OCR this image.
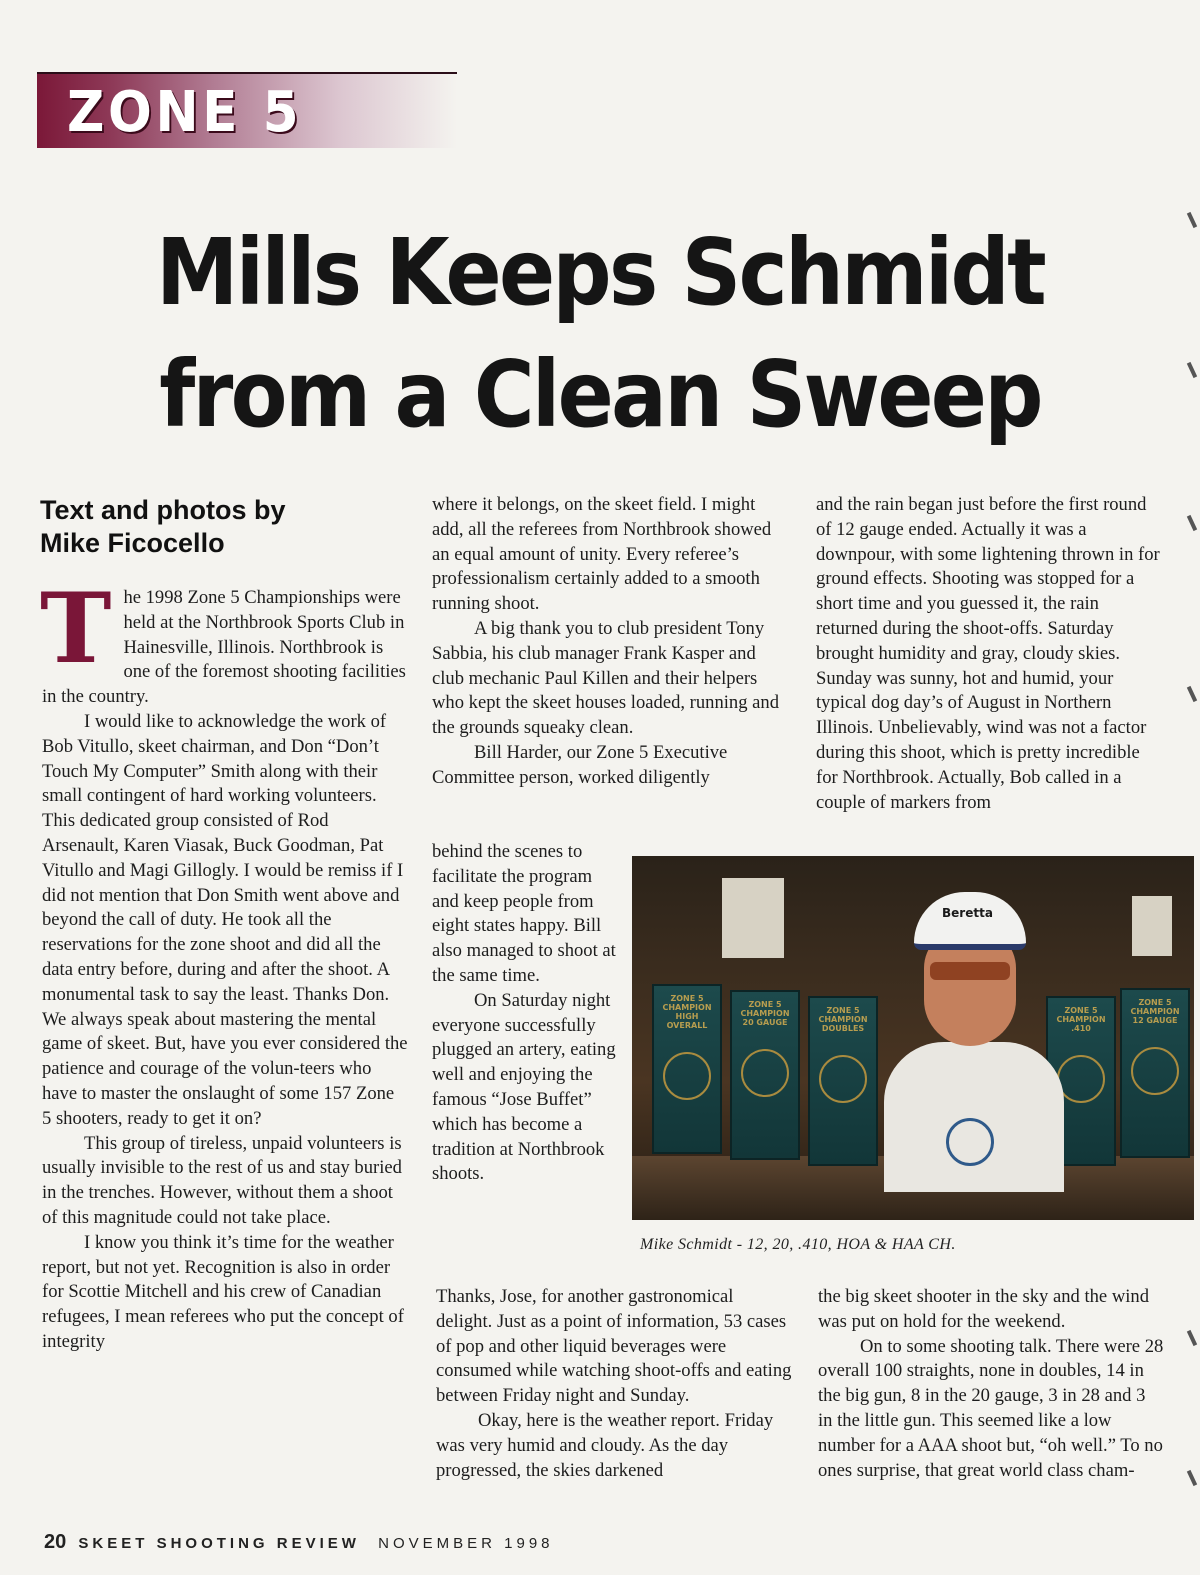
ZONE 5
Mills Keeps Schmidt
from a Clean Sweep
Text and photos by
Mike Ficocello

The 1998 Zone 5 Championships were held at the Northbrook Sports Club in Hainesville, Illinois. Northbrook is one of the foremost shooting facilities in the country.

I would like to acknowledge the work of Bob Vitullo, skeet chairman, and Don “Don’t Touch My Computer” Smith along with their small contingent of hard working volunteers. This dedicated group consisted of Rod Arsenault, Karen Viasak, Buck Goodman, Pat Vitullo and Magi Gillogly. I would be remiss if I did not mention that Don Smith went above and beyond the call of duty. He took all the reservations for the zone shoot and did all the data entry before, during and after the shoot. A monumental task to say the least. Thanks Don. We always speak about mastering the mental game of skeet. But, have you ever considered the patience and courage of the volun-teers who have to master the onslaught of some 157 Zone 5 shooters, ready to get it on?

This group of tireless, unpaid volunteers is usually invisible to the rest of us and stay buried in the trenches. However, without them a shoot of this magnitude could not take place.

I know you think it’s time for the weather report, but not yet. Recognition is also in order for Scottie Mitchell and his crew of Canadian refugees, I mean referees who put the concept of integrity

where it belongs, on the skeet field. I might add, all the referees from Northbrook showed an equal amount of unity. Every referee’s professionalism certainly added to a smooth running shoot.

A big thank you to club president Tony Sabbia, his club manager Frank Kasper and club mechanic Paul Killen and their helpers who kept the skeet houses loaded, running and the grounds squeaky clean.

Bill Harder, our Zone 5 Executive Committee person, worked diligently

behind the scenes to facilitate the program and keep people from eight states happy. Bill also managed to shoot at the same time.

On Saturday night everyone successfully plugged an artery, eating well and enjoying the famous “Jose Buffet” which has become a tradition at Northbrook shoots.

Thanks, Jose, for another gastronomical delight. Just as a point of information, 53 cases of pop and other liquid beverages were consumed while watching shoot-offs and eating between Friday night and Sunday.

Okay, here is the weather report. Friday was very humid and cloudy. As the day progressed, the skies darkened

and the rain began just before the first round of 12 gauge ended. Actually it was a downpour, with some lightening thrown in for ground effects. Shooting was stopped for a short time and you guessed it, the rain returned during the shoot-offs. Saturday brought humidity and gray, cloudy skies. Sunday was sunny, hot and humid, your typical dog day’s of August in Northern Illinois. Unbelievably, wind was not a factor during this shoot, which is pretty incredible for Northbrook. Actually, Bob called in a couple of markers from

the big skeet shooter in the sky and the wind was put on hold for the weekend.

On to some shooting talk. There were 28 overall 100 straights, none in doubles, 14 in the big gun, 8 in the 20 gauge, 3 in 28 and 3 in the little gun. This seemed like a low number for a AAA shoot but, “oh well.” To no ones surprise, that great world class cham-

ZONE 5
CHAMPION
HIGH
OVERALL
ZONE 5
CHAMPION
20 GAUGE
ZONE 5
CHAMPION
DOUBLES
ZONE 5
CHAMPION
.410
ZONE 5
CHAMPION
12 GAUGE
Beretta
Mike Schmidt - 12, 20, .410, HOA & HAA CH.
20 SKEET SHOOTING REVIEW NOVEMBER 1998
